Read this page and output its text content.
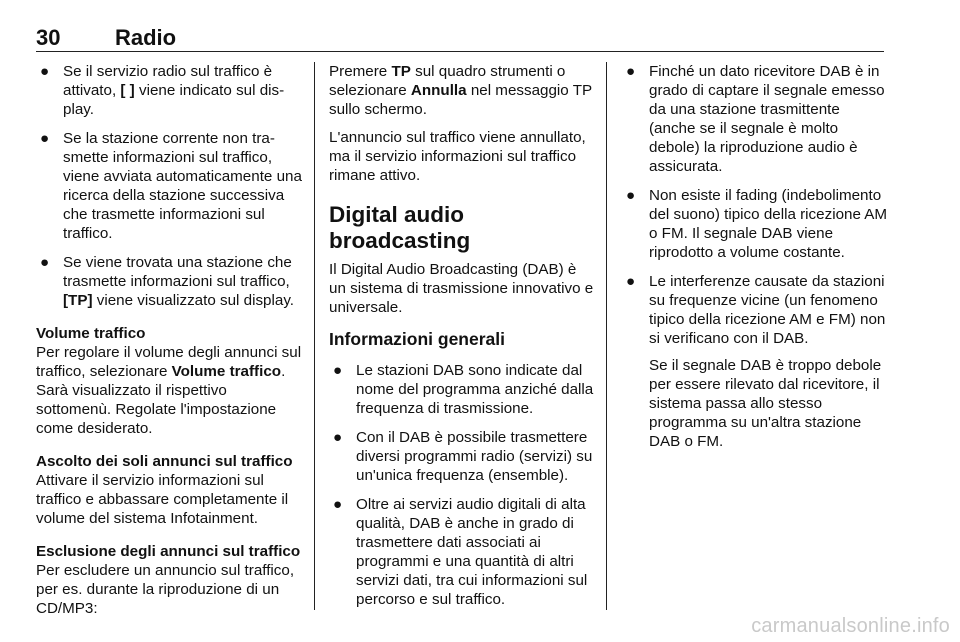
30 Radio
● Se il servizio radio sul traffico è attivato, [ ] viene indicato sul display.
● Se la stazione corrente non trasmette informazioni sul traffico, viene avviata automaticamente una ricerca della stazione successiva che trasmette informazioni sul traffico.
● Se viene trovata una stazione che trasmette informazioni sul traffico, [TP] viene visualizzato sul display.

Volume traffico
Per regolare il volume degli annunci sul traffico, selezionare Volume traffico. Sarà visualizzato il rispettivo sottomenù. Regolate l'impostazione come desiderato.

Ascolto dei soli annunci sul traffico
Attivare il servizio informazioni sul traffico e abbassare completamente il volume del sistema Infotainment.

Esclusione degli annunci sul traffico
Per escludere un annuncio sul traffico, per es. durante la riproduzione di un CD/MP3:

Premere TP sul quadro strumenti o selezionare Annulla nel messaggio TP sullo schermo.

L'annuncio sul traffico viene annullato, ma il servizio informazioni sul traffico rimane attivo.

Digital audio broadcasting

Il Digital Audio Broadcasting (DAB) è un sistema di trasmissione innovativo e universale.

Informazioni generali
● Le stazioni DAB sono indicate dal nome del programma anziché dalla frequenza di trasmissione.
● Con il DAB è possibile trasmettere diversi programmi radio (servizi) su un'unica frequenza (ensemble).
● Oltre ai servizi audio digitali di alta qualità, DAB è anche in grado di trasmettere dati associati ai programmi e una quantità di altri servizi dati, tra cui informazioni sul percorso e sul traffico.
● Finché un dato ricevitore DAB è in grado di captare il segnale emesso da una stazione trasmittente (anche se il segnale è molto debole) la riproduzione audio è assicurata.
● Non esiste il fading (indebolimento del suono) tipico della ricezione AM o FM. Il segnale DAB viene riprodotto a volume costante.
● Le interferenze causate da stazioni su frequenze vicine (un fenomeno tipico della ricezione AM e FM) non si verificano con il DAB.

Se il segnale DAB è troppo debole per essere rilevato dal ricevitore, il sistema passa allo stesso programma su un'altra stazione DAB o FM.

carmanualsonline.info
